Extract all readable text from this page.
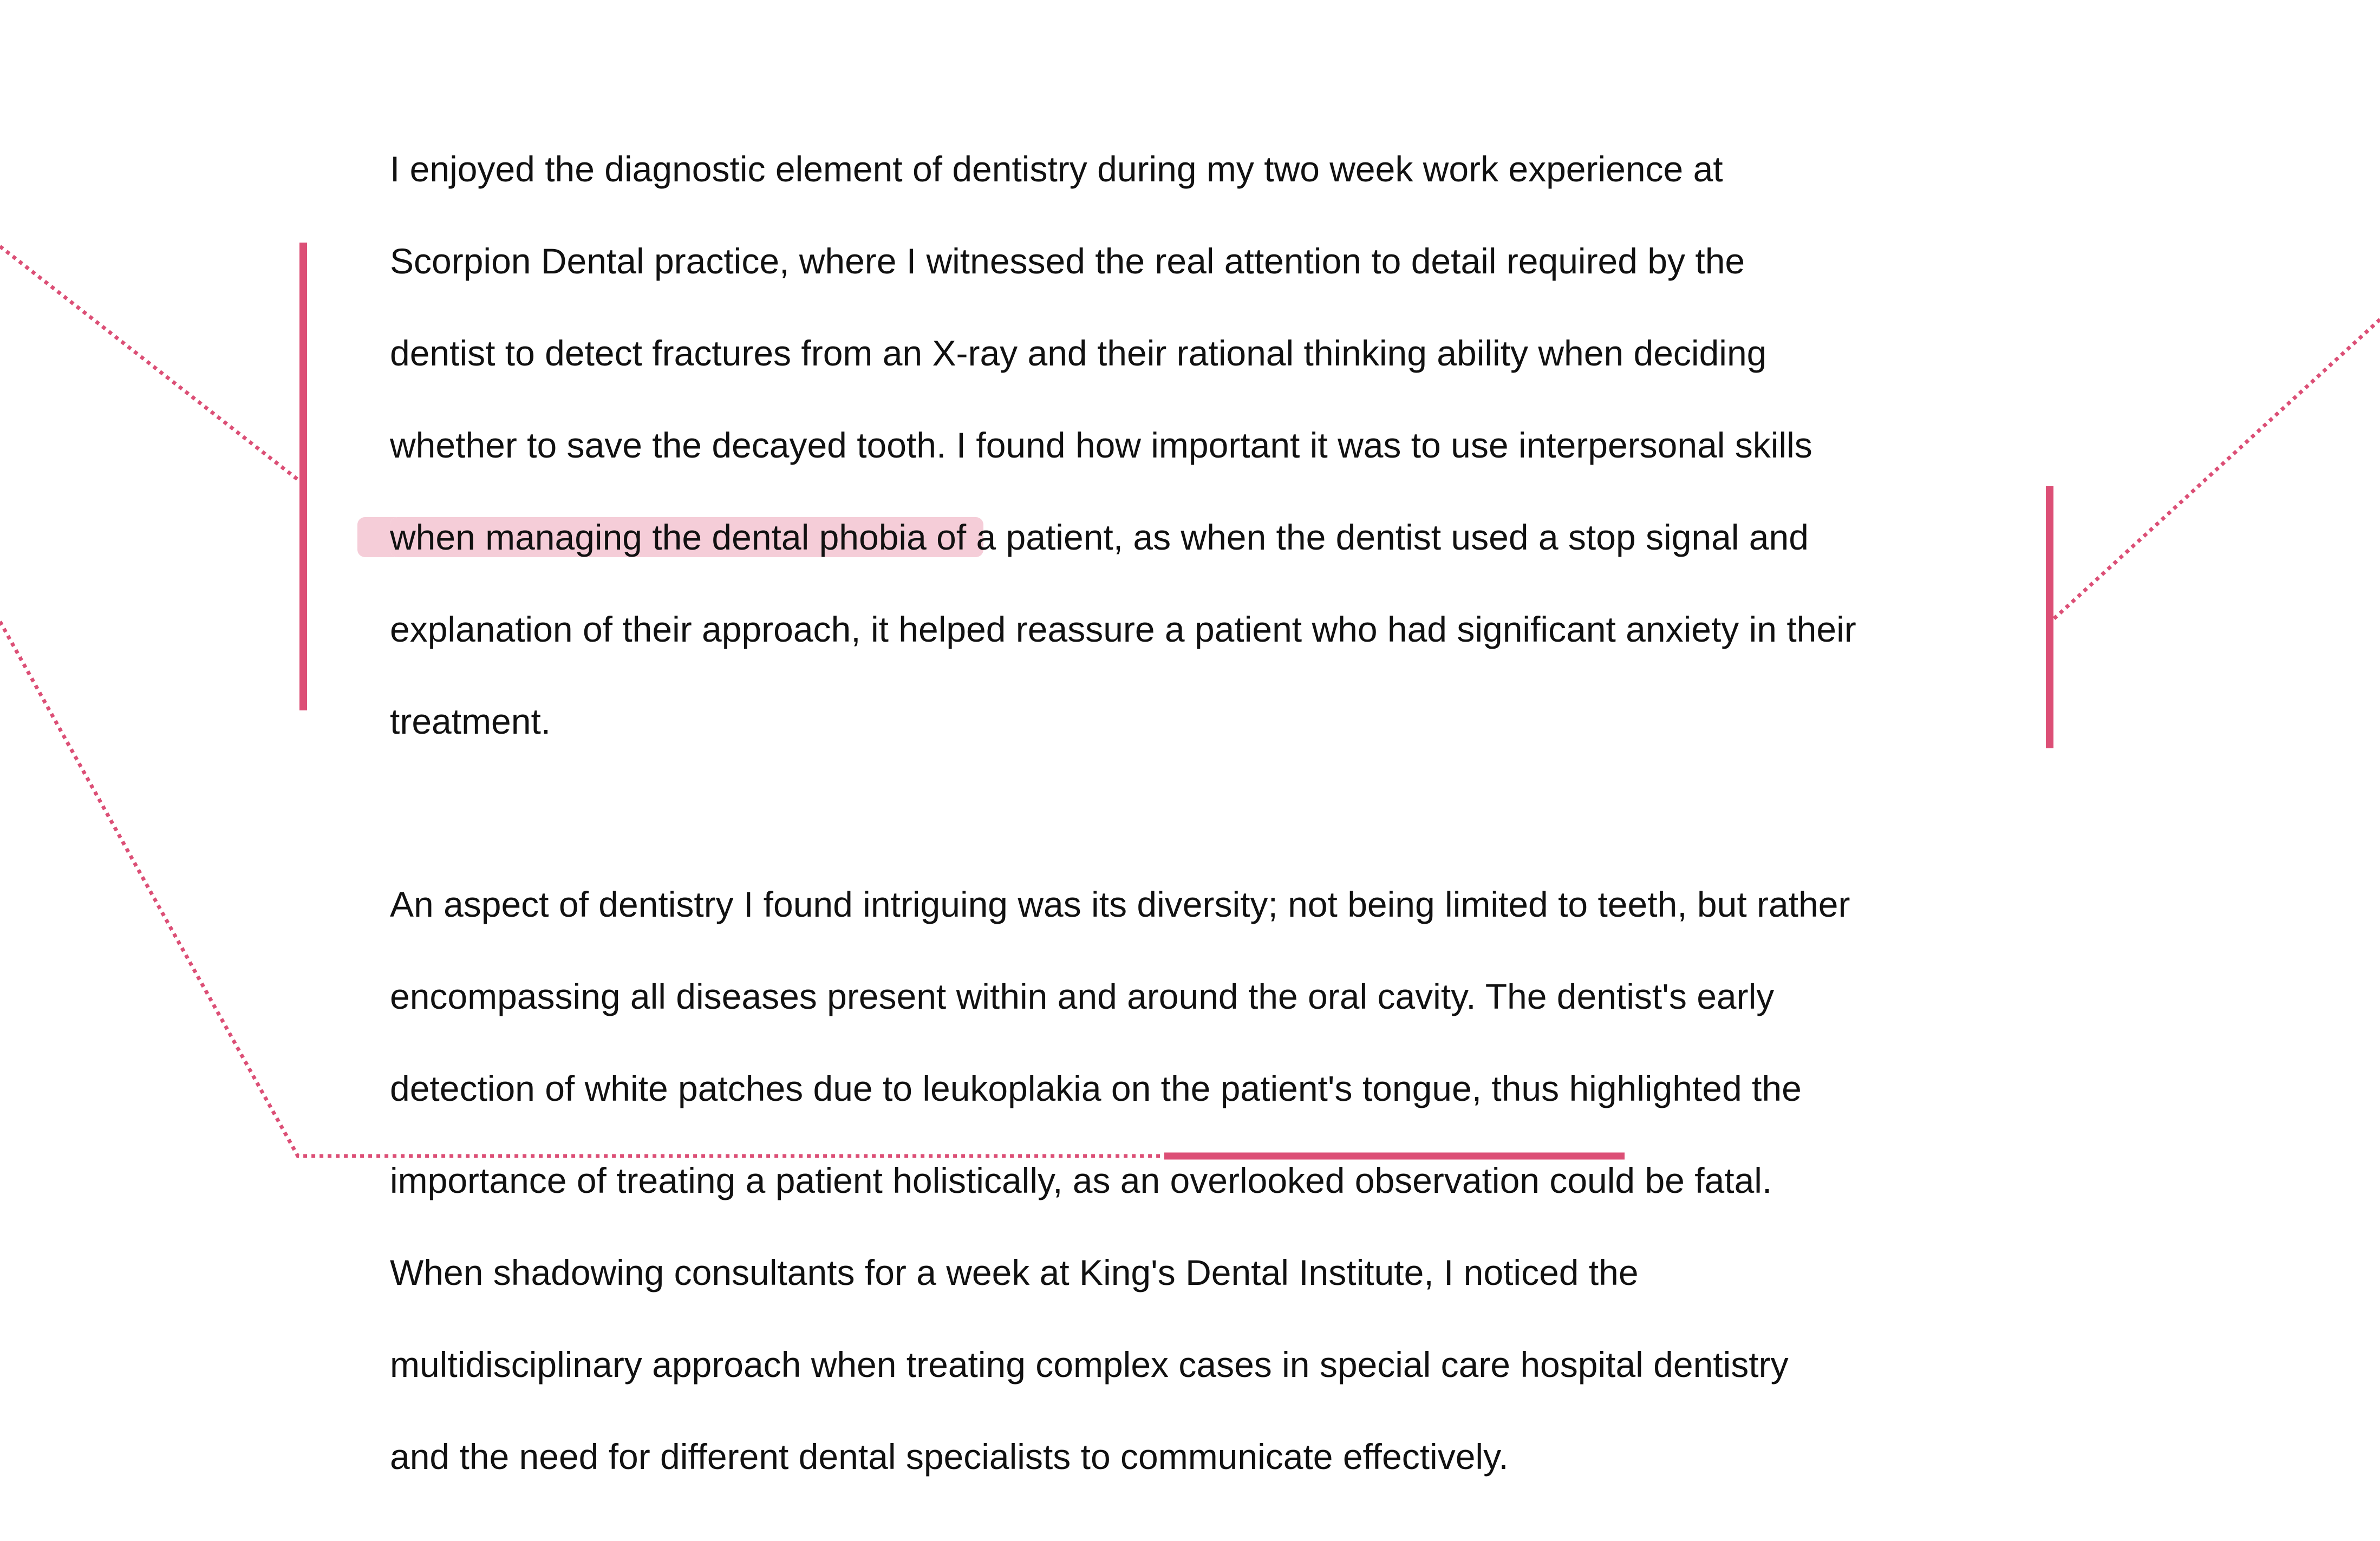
I enjoyed the diagnostic element of dentistry during my two week work experience at
Scorpion Dental practice, where I witnessed the real attention to detail required by the
dentist to detect fractures from an X-ray and their rational thinking ability when deciding
whether to save the decayed tooth. I found how important it was to use interpersonal skills
when managing the dental phobia of a patient, as when the dentist used a stop signal and
explanation of their approach, it helped reassure a patient who had significant anxiety in their
treatment.
An aspect of dentistry I found intriguing was its diversity; not being limited to teeth, but rather
encompassing all diseases present within and around the oral cavity. The dentist's early
detection of white patches due to leukoplakia on the patient's tongue, thus highlighted the
importance of treating a patient holistically, as an overlooked observation could be fatal.
When shadowing consultants for a week at King's Dental Institute, I noticed the
multidisciplinary approach when treating complex cases in special care hospital dentistry
and the need for different dental specialists to communicate effectively.
